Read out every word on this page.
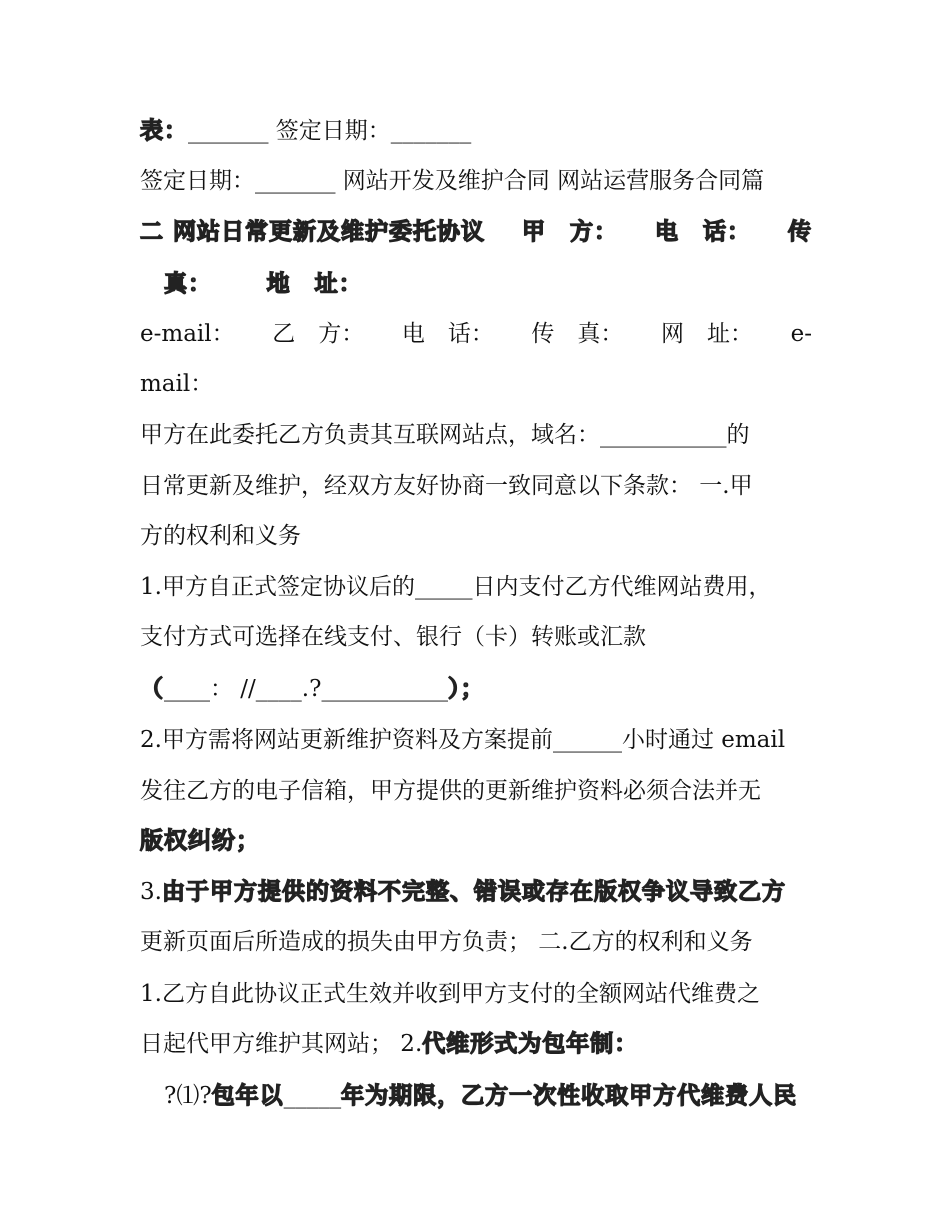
表：_______ 签定日期：_______
签定日期：_______ 网站开发及维护合同 网站运营服务合同篇
二 网站日常更新及维护委托协议 甲　方： 电　话： 传
真： 地　址：
e-mail： 乙　方： 电　话： 传　真： 网　址： e-
mail：
甲方在此委托乙方负责其互联网站点，域名：___________的
日常更新及维护，经双方友好协商一致同意以下条款： 一.甲
方的权利和义务
1.甲方自正式签定协议后的_____日内支付乙方代维网站费用，
支付方式可选择在线支付、银行（卡）转账或汇款
（____： //____.?___________）；
2.甲方需将网站更新维护资料及方案提前______小时通过 email
发往乙方的电子信箱，甲方提供的更新维护资料必须合法并无
版权纠纷；
3.由于甲方提供的资料不完整、错误或存在版权争议导致乙方
更新页面后所造成的损失由甲方负责； 二.乙方的权利和义务
1.乙方自此协议正式生效并收到甲方支付的全额网站代维费之
日起代甲方维护其网站； 2.代维形式为包年制：
?⑴?包年以_____年为期限，乙方一次性收取甲方代维费人民
